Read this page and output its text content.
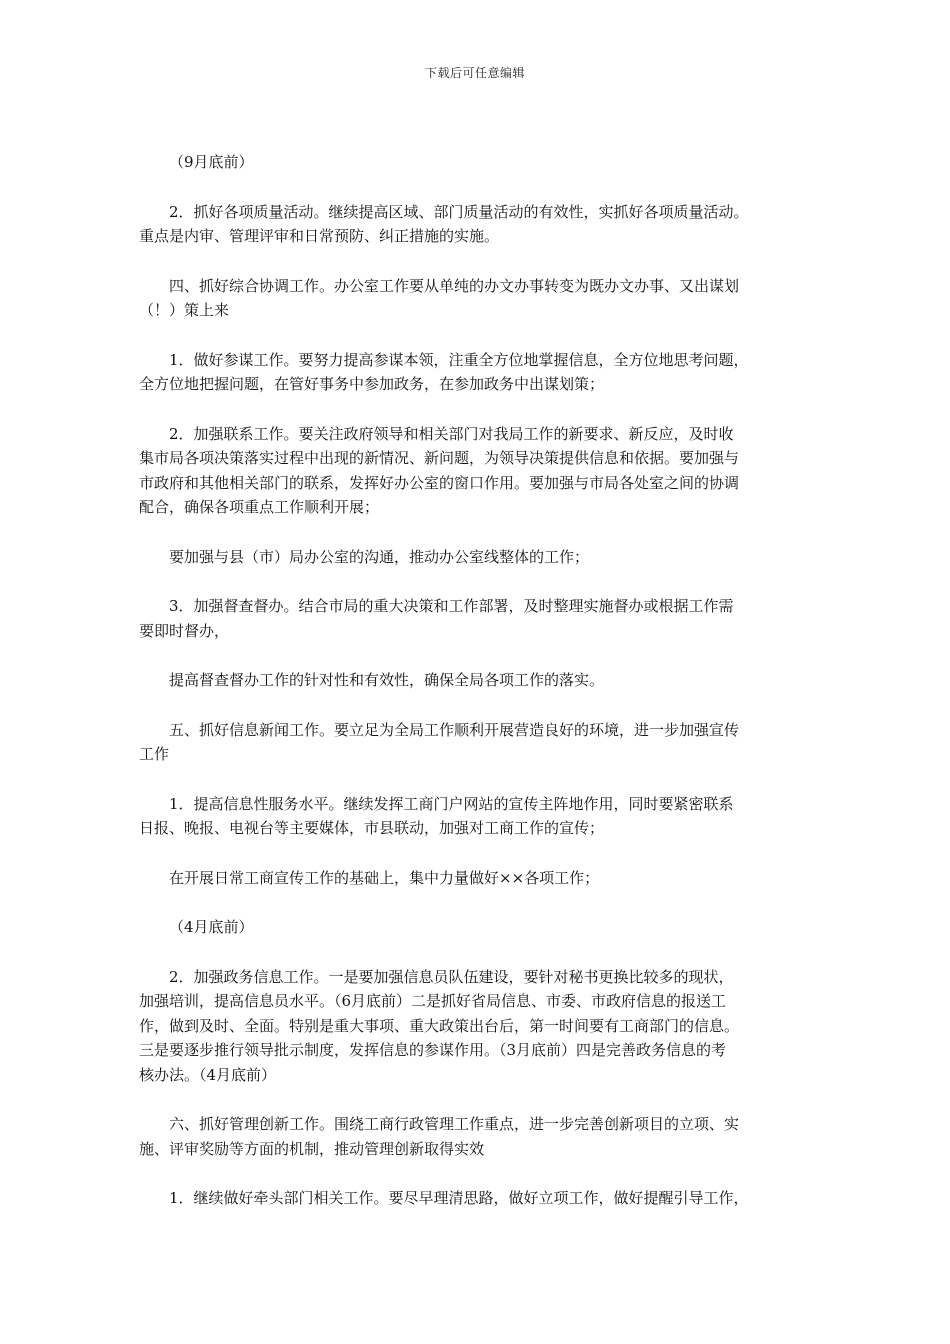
下载后可任意编辑

（9月底前）

2．抓好各项质量活动。继续提高区域、部门质量活动的有效性，实抓好各项质量活动。
重点是内审、管理评审和日常预防、纠正措施的实施。

四、抓好综合协调工作。办公室工作要从单纯的办文办事转变为既办文办事、又出谋划
（！）策上来

1．做好参谋工作。要努力提高参谋本领，注重全方位地掌握信息，全方位地思考问题，
全方位地把握问题，在管好事务中参加政务，在参加政务中出谋划策；

2．加强联系工作。要关注政府领导和相关部门对我局工作的新要求、新反应，及时收
集市局各项决策落实过程中出现的新情况、新问题，为领导决策提供信息和依据。要加强与
市政府和其他相关部门的联系，发挥好办公室的窗口作用。要加强与市局各处室之间的协调
配合，确保各项重点工作顺利开展；

要加强与县（市）局办公室的沟通，推动办公室线整体的工作；

3．加强督查督办。结合市局的重大决策和工作部署，及时整理实施督办或根据工作需
要即时督办，

提高督查督办工作的针对性和有效性，确保全局各项工作的落实。

五、抓好信息新闻工作。要立足为全局工作顺利开展营造良好的环境，进一步加强宣传
工作

1．提高信息性服务水平。继续发挥工商门户网站的宣传主阵地作用，同时要紧密联系
日报、晚报、电视台等主要媒体，市县联动，加强对工商工作的宣传；

在开展日常工商宣传工作的基础上，集中力量做好××各项工作；

（4月底前）

2．加强政务信息工作。一是要加强信息员队伍建设，要针对秘书更换比较多的现状，
加强培训，提高信息员水平。（6月底前）二是抓好省局信息、市委、市政府信息的报送工
作，做到及时、全面。特别是重大事项、重大政策出台后，第一时间要有工商部门的信息。
三是要逐步推行领导批示制度，发挥信息的参谋作用。（3月底前）四是完善政务信息的考
核办法。（4月底前）

六、抓好管理创新工作。围绕工商行政管理工作重点，进一步完善创新项目的立项、实
施、评审奖励等方面的机制，推动管理创新取得实效

1．继续做好牵头部门相关工作。要尽早理清思路，做好立项工作，做好提醒引导工作，
